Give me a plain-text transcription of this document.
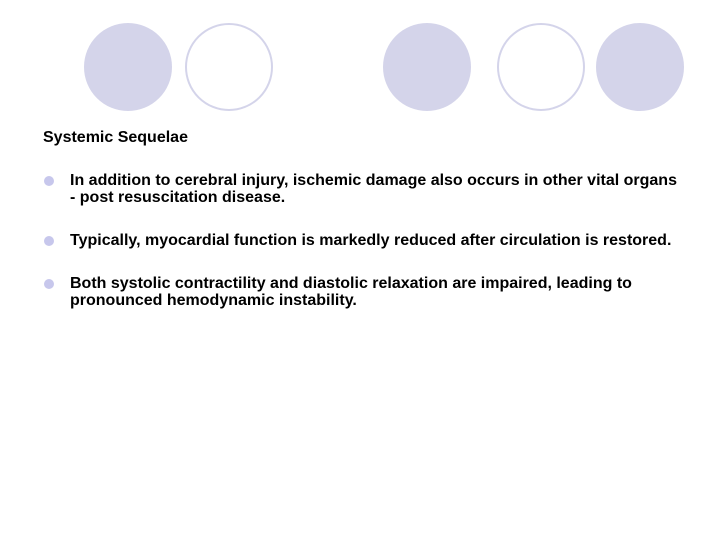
Systemic Sequelae
In addition to cerebral injury, ischemic damage also occurs in other vital organs - post resuscitation disease.
Typically, myocardial function is markedly reduced after circulation is restored.
Both systolic contractility and diastolic relaxation are impaired, leading to pronounced hemodynamic instability.
